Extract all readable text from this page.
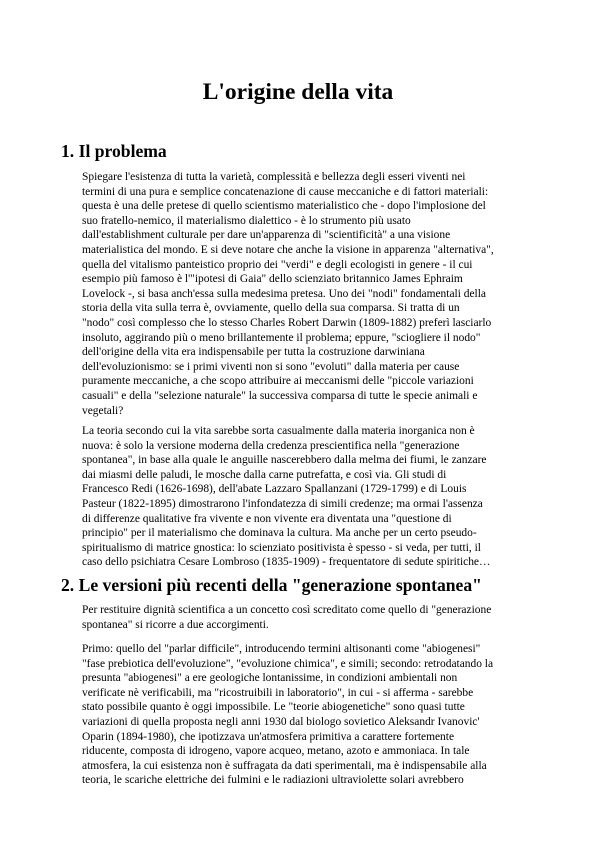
L'origine della vita
1. Il problema

Spiegare l'esistenza di tutta la varietà, complessità e bellezza degli esseri viventi nei
termini di una pura e semplice concatenazione di cause meccaniche e di fattori materiali:
questa è una delle pretese di quello scientismo materialistico che - dopo l'implosione del
suo fratello-nemico, il materialismo dialettico - è lo strumento più usato
dall'establishment culturale per dare un'apparenza di "scientificità" a una visione
materialistica del mondo. E si deve notare che anche la visione in apparenza "alternativa",
quella del vitalismo panteistico proprio dei "verdi" e degli ecologisti in genere - il cui
esempio più famoso è l'"ipotesi di Gaia" dello scienziato britannico James Ephraim
Lovelock -, si basa anch'essa sulla medesima pretesa. Uno dei "nodi" fondamentali della
storia della vita sulla terra è, ovviamente, quello della sua comparsa. Si tratta di un
"nodo" così complesso che lo stesso Charles Robert Darwin (1809-1882) preferì lasciarlo
insoluto, aggirando più o meno brillantemente il problema; eppure, "sciogliere il nodo"
dell'origine della vita era indispensabile per tutta la costruzione darwiniana
dell'evoluzionismo: se i primi viventi non si sono "evoluti" dalla materia per cause
puramente meccaniche, a che scopo attribuire ai meccanismi delle "piccole variazioni
casuali" e della "selezione naturale" la successiva comparsa di tutte le specie animali e
vegetali?

La teoria secondo cui la vita sarebbe sorta casualmente dalla materia inorganica non è
nuova: è solo la versione moderna della credenza prescientifica nella "generazione
spontanea", in base alla quale le anguille nascerebbero dalla melma dei fiumi, le zanzare
dai miasmi delle paludi, le mosche dalla carne putrefatta, e così via. Gli studi di
Francesco Redi (1626-1698), dell'abate Lazzaro Spallanzani (1729-1799) e di Louis
Pasteur (1822-1895) dimostrarono l'infondatezza di simili credenze; ma ormai l'assenza
di differenze qualitative fra vivente e non vivente era diventata una "questione di
principio" per il materialismo che dominava la cultura. Ma anche per un certo pseudo-
spiritualismo di matrice gnostica: lo scienziato positivista è spesso - si veda, per tutti, il
caso dello psichiatra Cesare Lombroso (1835-1909) - frequentatore di sedute spiritiche…

2. Le versioni più recenti della "generazione spontanea"

Per restituire dignità scientifica a un concetto così screditato come quello di "generazione
spontanea" si ricorre a due accorgimenti.

Primo: quello del "parlar difficile", introducendo termini altisonanti come "abiogenesi"
"fase prebiotica dell'evoluzione", "evoluzione chimica", e simili; secondo: retrodatando la
presunta "abiogenesi" a ere geologiche lontanissime, in condizioni ambientali non
verificate nè verificabili, ma "ricostruibili in laboratorio", in cui - si afferma - sarebbe
stato possibile quanto è oggi impossibile. Le "teorie abiogenetiche" sono quasi tutte
variazioni di quella proposta negli anni 1930 dal biologo sovietico Aleksandr Ivanovic'
Oparin (1894-1980), che ipotizzava un'atmosfera primitiva a carattere fortemente
riducente, composta di idrogeno, vapore acqueo, metano, azoto e ammoniaca. In tale
atmosfera, la cui esistenza non è suffragata da dati sperimentali, ma è indispensabile alla
teoria, le scariche elettriche dei fulmini e le radiazioni ultraviolette solari avrebbero
